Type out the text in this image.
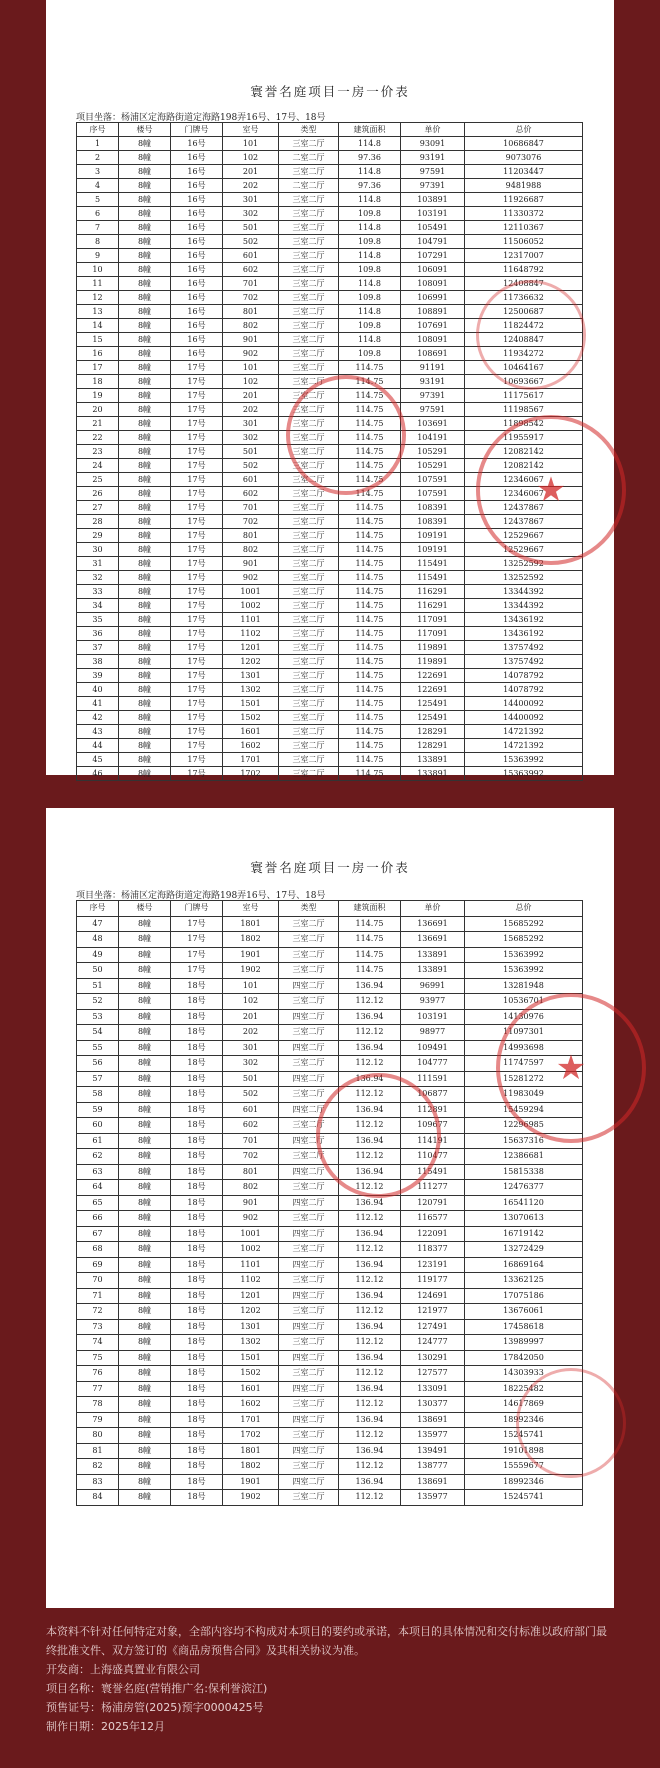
寰誉名庭项目一房一价表
项目坐落：杨浦区定海路街道定海路198弄16号、17号、18号
序号	楼号	门牌号	室号	类型	建筑面积	单价	总价
1	8幢	16号	101	三室二厅	114.8	93091	10686847
2	8幢	16号	102	二室二厅	97.36	93191	9073076
3	8幢	16号	201	三室二厅	114.8	97591	11203447
4	8幢	16号	202	二室二厅	97.36	97391	9481988
5	8幢	16号	301	三室二厅	114.8	103891	11926687
6	8幢	16号	302	三室二厅	109.8	103191	11330372
7	8幢	16号	501	三室二厅	114.8	105491	12110367
8	8幢	16号	502	三室二厅	109.8	104791	11506052
9	8幢	16号	601	三室二厅	114.8	107291	12317007
10	8幢	16号	602	三室二厅	109.8	106091	11648792
11	8幢	16号	701	三室二厅	114.8	108091	12408847
12	8幢	16号	702	三室二厅	109.8	106991	11736632
13	8幢	16号	801	三室二厅	114.8	108891	12500687
14	8幢	16号	802	三室二厅	109.8	107691	11824472
15	8幢	16号	901	三室二厅	114.8	108091	12408847
16	8幢	16号	902	三室二厅	109.8	108691	11934272
17	8幢	17号	101	三室二厅	114.75	91191	10464167
18	8幢	17号	102	三室二厅	114.75	93191	10693667
19	8幢	17号	201	三室二厅	114.75	97391	11175617
20	8幢	17号	202	三室二厅	114.75	97591	11198567
21	8幢	17号	301	三室二厅	114.75	103691	11898542
22	8幢	17号	302	三室二厅	114.75	104191	11955917
23	8幢	17号	501	三室二厅	114.75	105291	12082142
24	8幢	17号	502	三室二厅	114.75	105291	12082142
25	8幢	17号	601	三室二厅	114.75	107591	12346067
26	8幢	17号	602	三室二厅	114.75	107591	12346067
27	8幢	17号	701	三室二厅	114.75	108391	12437867
28	8幢	17号	702	三室二厅	114.75	108391	12437867
29	8幢	17号	801	三室二厅	114.75	109191	12529667
30	8幢	17号	802	三室二厅	114.75	109191	12529667
31	8幢	17号	901	三室二厅	114.75	115491	13252592
32	8幢	17号	902	三室二厅	114.75	115491	13252592
33	8幢	17号	1001	三室二厅	114.75	116291	13344392
34	8幢	17号	1002	三室二厅	114.75	116291	13344392
35	8幢	17号	1101	三室二厅	114.75	117091	13436192
36	8幢	17号	1102	三室二厅	114.75	117091	13436192
37	8幢	17号	1201	三室二厅	114.75	119891	13757492
38	8幢	17号	1202	三室二厅	114.75	119891	13757492
39	8幢	17号	1301	三室二厅	114.75	122691	14078792
40	8幢	17号	1302	三室二厅	114.75	122691	14078792
41	8幢	17号	1501	三室二厅	114.75	125491	14400092
42	8幢	17号	1502	三室二厅	114.75	125491	14400092
43	8幢	17号	1601	三室二厅	114.75	128291	14721392
44	8幢	17号	1602	三室二厅	114.75	128291	14721392
45	8幢	17号	1701	三室二厅	114.75	133891	15363992
46	8幢	17号	1702	三室二厅	114.75	133891	15363992
★
寰誉名庭项目一房一价表
项目坐落：杨浦区定海路街道定海路198弄16号、17号、18号
序号	楼号	门牌号	室号	类型	建筑面积	单价	总价
47	8幢	17号	1801	三室二厅	114.75	136691	15685292
48	8幢	17号	1802	三室二厅	114.75	136691	15685292
49	8幢	17号	1901	三室二厅	114.75	133891	15363992
50	8幢	17号	1902	三室二厅	114.75	133891	15363992
51	8幢	18号	101	四室二厅	136.94	96991	13281948
52	8幢	18号	102	三室二厅	112.12	93977	10536701
53	8幢	18号	201	四室二厅	136.94	103191	14130976
54	8幢	18号	202	三室二厅	112.12	98977	11097301
55	8幢	18号	301	四室二厅	136.94	109491	14993698
56	8幢	18号	302	三室二厅	112.12	104777	11747597
57	8幢	18号	501	四室二厅	136.94	111591	15281272
58	8幢	18号	502	三室二厅	112.12	106877	11983049
59	8幢	18号	601	四室二厅	136.94	112891	15459294
60	8幢	18号	602	三室二厅	112.12	109677	12296985
61	8幢	18号	701	四室二厅	136.94	114191	15637316
62	8幢	18号	702	三室二厅	112.12	110477	12386681
63	8幢	18号	801	四室二厅	136.94	115491	15815338
64	8幢	18号	802	三室二厅	112.12	111277	12476377
65	8幢	18号	901	四室二厅	136.94	120791	16541120
66	8幢	18号	902	三室二厅	112.12	116577	13070613
67	8幢	18号	1001	四室二厅	136.94	122091	16719142
68	8幢	18号	1002	三室二厅	112.12	118377	13272429
69	8幢	18号	1101	四室二厅	136.94	123191	16869164
70	8幢	18号	1102	三室二厅	112.12	119177	13362125
71	8幢	18号	1201	四室二厅	136.94	124691	17075186
72	8幢	18号	1202	三室二厅	112.12	121977	13676061
73	8幢	18号	1301	四室二厅	136.94	127491	17458618
74	8幢	18号	1302	三室二厅	112.12	124777	13989997
75	8幢	18号	1501	四室二厅	136.94	130291	17842050
76	8幢	18号	1502	三室二厅	112.12	127577	14303933
77	8幢	18号	1601	四室二厅	136.94	133091	18225482
78	8幢	18号	1602	三室二厅	112.12	130377	14617869
79	8幢	18号	1701	四室二厅	136.94	138691	18992346
80	8幢	18号	1702	三室二厅	112.12	135977	15245741
81	8幢	18号	1801	四室二厅	136.94	139491	19101898
82	8幢	18号	1802	三室二厅	112.12	138777	15559677
83	8幢	18号	1901	四室二厅	136.94	138691	18992346
84	8幢	18号	1902	三室二厅	112.12	135977	15245741
★

本资料不针对任何特定对象，全部内容均不构成对本项目的要约或承诺，本项目的具体情况和交付标准以政府部门最终批准文件、双方签订的《商品房预售合同》及其相关协议为准。

开发商：上海盛真置业有限公司

项目名称：寰誉名庭(营销推广名:保利誉滨江)

预售证号：杨浦房管(2025)预字0000425号

制作日期：2025年12月
